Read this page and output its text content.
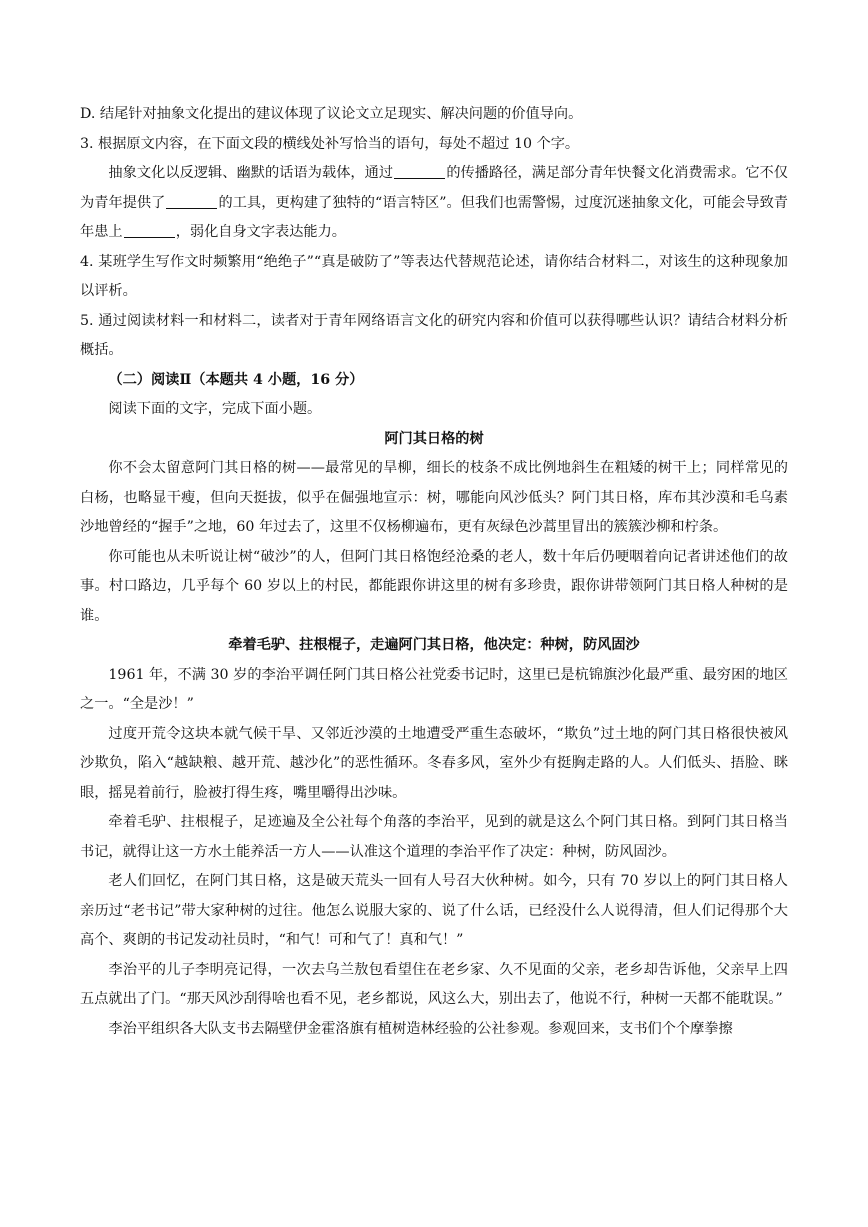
D. 结尾针对抽象文化提出的建议体现了议论文立足现实、解决问题的价值导向。

3. 根据原文内容，在下面文段的横线处补写恰当的语句，每处不超过 10 个字。

抽象文化以反逻辑、幽默的话语为载体，通过	的传播路径，满足部分青年快餐文化消费需求。它不仅为青年提供了	的工具，更构建了独特的“语言特区”。但我们也需警惕，过度沉迷抽象文化，可能会导致青年患上	，弱化自身文字表达能力。

4. 某班学生写作文时频繁用“绝绝子”“真是破防了”等表达代替规范论述，请你结合材料二，对该生的这种现象加以评析。

5. 通过阅读材料一和材料二，读者对于青年网络语言文化的研究内容和价值可以获得哪些认识？请结合材料分析概括。

（二）阅读Ⅱ（本题共 4 小题，16 分）

阅读下面的文字，完成下面小题。

阿门其日格的树

你不会太留意阿门其日格的树——最常见的旱柳，细长的枝条不成比例地斜生在粗矮的树干上；同样常见的白杨，也略显干瘦，但向天挺拔，似乎在倔强地宣示：树，哪能向风沙低头？阿门其日格，库布其沙漠和毛乌素沙地曾经的“握手”之地，60 年过去了，这里不仅杨柳遍布，更有灰绿色沙蒿里冒出的簇簇沙柳和柠条。

你可能也从未听说让树“破沙”的人，但阿门其日格饱经沧桑的老人，数十年后仍哽咽着向记者讲述他们的故事。村口路边，几乎每个 60 岁以上的村民，都能跟你讲这里的树有多珍贵，跟你讲带领阿门其日格人种树的是谁。

牵着毛驴、拄根棍子，走遍阿门其日格，他决定：种树，防风固沙

1961 年，不满 30 岁的李治平调任阿门其日格公社党委书记时，这里已是杭锦旗沙化最严重、最穷困的地区之一。“全是沙！”

过度开荒令这块本就气候干旱、又邻近沙漠的土地遭受严重生态破坏，“欺负”过土地的阿门其日格很快被风沙欺负，陷入“越缺粮、越开荒、越沙化”的恶性循环。冬春多风，室外少有挺胸走路的人。人们低头、捂脸、眯眼，摇晃着前行，脸被打得生疼，嘴里嚼得出沙味。

牵着毛驴、拄根棍子，足迹遍及全公社每个角落的李治平，见到的就是这么个阿门其日格。到阿门其日格当书记，就得让这一方水土能养活一方人——认准这个道理的李治平作了决定：种树，防风固沙。

老人们回忆，在阿门其日格，这是破天荒头一回有人号召大伙种树。如今，只有 70 岁以上的阿门其日格人亲历过“老书记”带大家种树的过往。他怎么说服大家的、说了什么话，已经没什么人说得清，但人们记得那个大高个、爽朗的书记发动社员时，“和气！可和气了！真和气！”

李治平的儿子李明亮记得，一次去乌兰敖包看望住在老乡家、久不见面的父亲，老乡却告诉他，父亲早上四五点就出了门。“那天风沙刮得啥也看不见，老乡都说，风这么大，别出去了，他说不行，种树一天都不能耽误。”

李治平组织各大队支书去隔壁伊金霍洛旗有植树造林经验的公社参观。参观回来，支书们个个摩拳擦
